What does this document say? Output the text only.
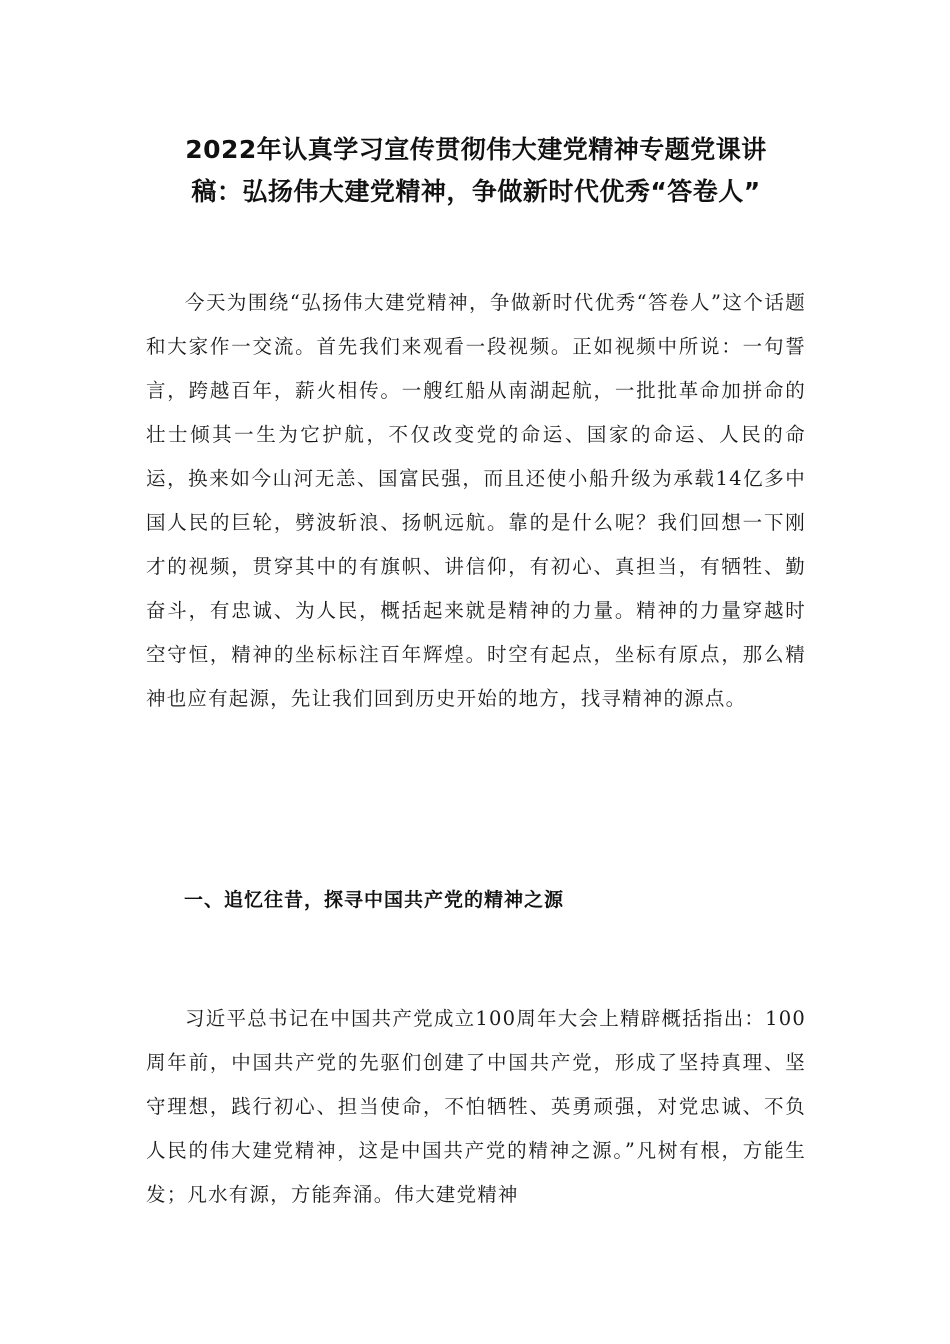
2022年认真学习宣传贯彻伟大建党精神专题党课讲
稿：弘扬伟大建党精神，争做新时代优秀“答卷人”

今天为围绕“弘扬伟大建党精神，争做新时代优秀“答卷人”这个话题和大家作一交流。首先我们来观看一段视频。正如视频中所说：一句誓言，跨越百年，薪火相传。一艘红船从南湖起航，一批批革命加拼命的壮士倾其一生为它护航，不仅改变党的命运、国家的命运、人民的命运，换来如今山河无恙、国富民强，而且还使小船升级为承载14亿多中国人民的巨轮，劈波斩浪、扬帆远航。靠的是什么呢？我们回想一下刚才的视频，贯穿其中的有旗帜、讲信仰，有初心、真担当，有牺牲、勤奋斗，有忠诚、为人民，概括起来就是精神的力量。精神的力量穿越时空守恒，精神的坐标标注百年辉煌。时空有起点，坐标有原点，那么精神也应有起源，先让我们回到历史开始的地方，找寻精神的源点。

一、追忆往昔，探寻中国共产党的精神之源

习近平总书记在中国共产党成立100周年大会上精辟概括指出：100周年前，中国共产党的先驱们创建了中国共产党，形成了坚持真理、坚守理想，践行初心、担当使命，不怕牺牲、英勇顽强，对党忠诚、不负人民的伟大建党精神，这是中国共产党的精神之源。”凡树有根，方能生发；凡水有源，方能奔涌。伟大建党精神
